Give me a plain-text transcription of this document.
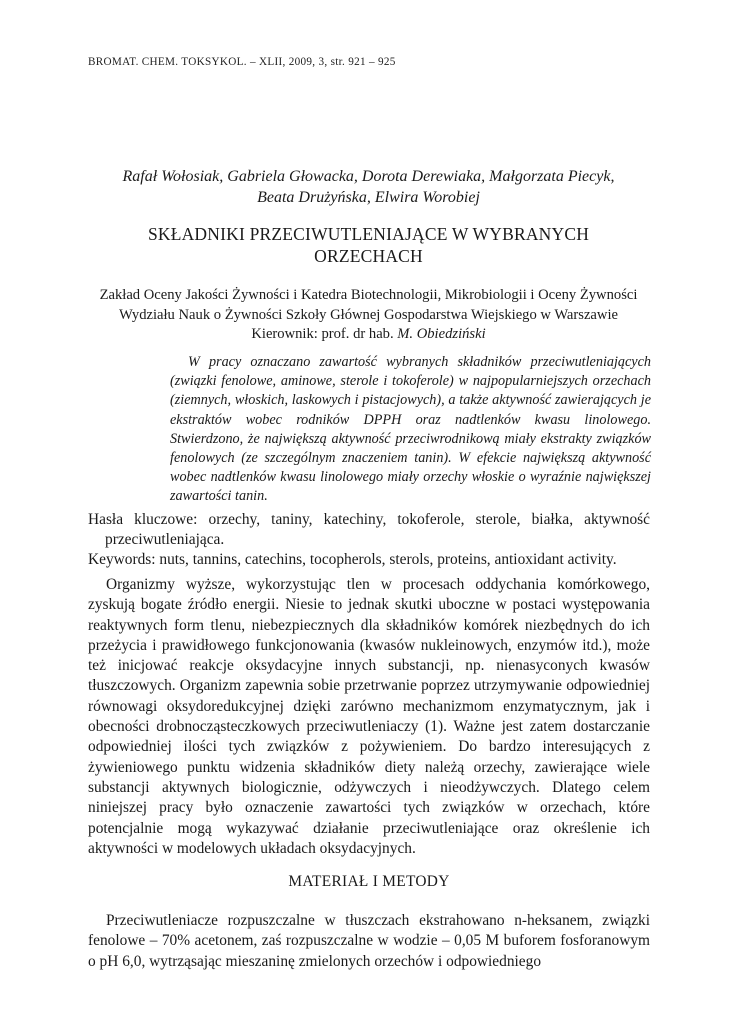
BROMAT. CHEM. TOKSYKOL. – XLII, 2009, 3, str. 921 – 925
Rafał Wołosiak, Gabriela Głowacka, Dorota Derewiaka, Małgorzata Piecyk,
Beata Drużyńska, Elwira Worobiej
SKŁADNIKI PRZECIWUTLENIAJĄCE W WYBRANYCH
ORZECHACH
Zakład Oceny Jakości Żywności i Katedra Biotechnologii, Mikrobiologii i Oceny Żywności
Wydziału Nauk o Żywności Szkoły Głównej Gospodarstwa Wiejskiego w Warszawie
Kierownik: prof. dr hab. M. Obiedziński

W pracy oznaczano zawartość wybranych składników przeciwutleniających (związki fenolowe, aminowe, sterole i tokoferole) w najpopularniejszych orzechach (ziemnych, włoskich, laskowych i pistacjowych), a także aktywność zawierających je ekstraktów wobec rodników DPPH oraz nadtlenków kwasu linolowego. Stwierdzono, że największą aktywność przeciwrodnikową miały ekstrakty związków fenolowych (ze szczególnym znaczeniem tanin). W efekcie największą aktywność wobec nadtlenków kwasu linolowego miały orzechy włoskie o wyraźnie największej zawartości tanin.

Hasła kluczowe: orzechy, taniny, katechiny, tokoferole, sterole, białka, aktywność przeciwutleniająca.

Keywords: nuts, tannins, catechins, tocopherols, sterols, proteins, antioxidant activity.

Organizmy wyższe, wykorzystując tlen w procesach oddychania komórkowego, zyskują bogate źródło energii. Niesie to jednak skutki uboczne w postaci występowania reaktywnych form tlenu, niebezpiecznych dla składników komórek niezbędnych do ich przeżycia i prawidłowego funkcjonowania (kwasów nukleinowych, enzymów itd.), może też inicjować reakcje oksydacyjne innych substancji, np. nienasyconych kwasów tłuszczowych. Organizm zapewnia sobie przetrwanie poprzez utrzymywanie odpowiedniej równowagi oksydoredukcyjnej dzięki zarówno mechanizmom enzymatycznym, jak i obecności drobnocząsteczkowych przeciwutleniaczy (1). Ważne jest zatem dostarczanie odpowiedniej ilości tych związków z pożywieniem. Do bardzo interesujących z żywieniowego punktu widzenia składników diety należą orzechy, zawierające wiele substancji aktywnych biologicznie, odżywczych i nieodżywczych. Dlatego celem niniejszej pracy było oznaczenie zawartości tych związków w orzechach, które potencjalnie mogą wykazywać działanie przeciwutleniające oraz określenie ich aktywności w modelowych układach oksydacyjnych.

MATERIAŁ I METODY

Przeciwutleniacze rozpuszczalne w tłuszczach ekstrahowano n-heksanem, związki fenolowe – 70% acetonem, zaś rozpuszczalne w wodzie – 0,05 M buforem fosforanowym o pH 6,0, wytrząsając mieszaninę zmielonych orzechów i odpowiedniego
